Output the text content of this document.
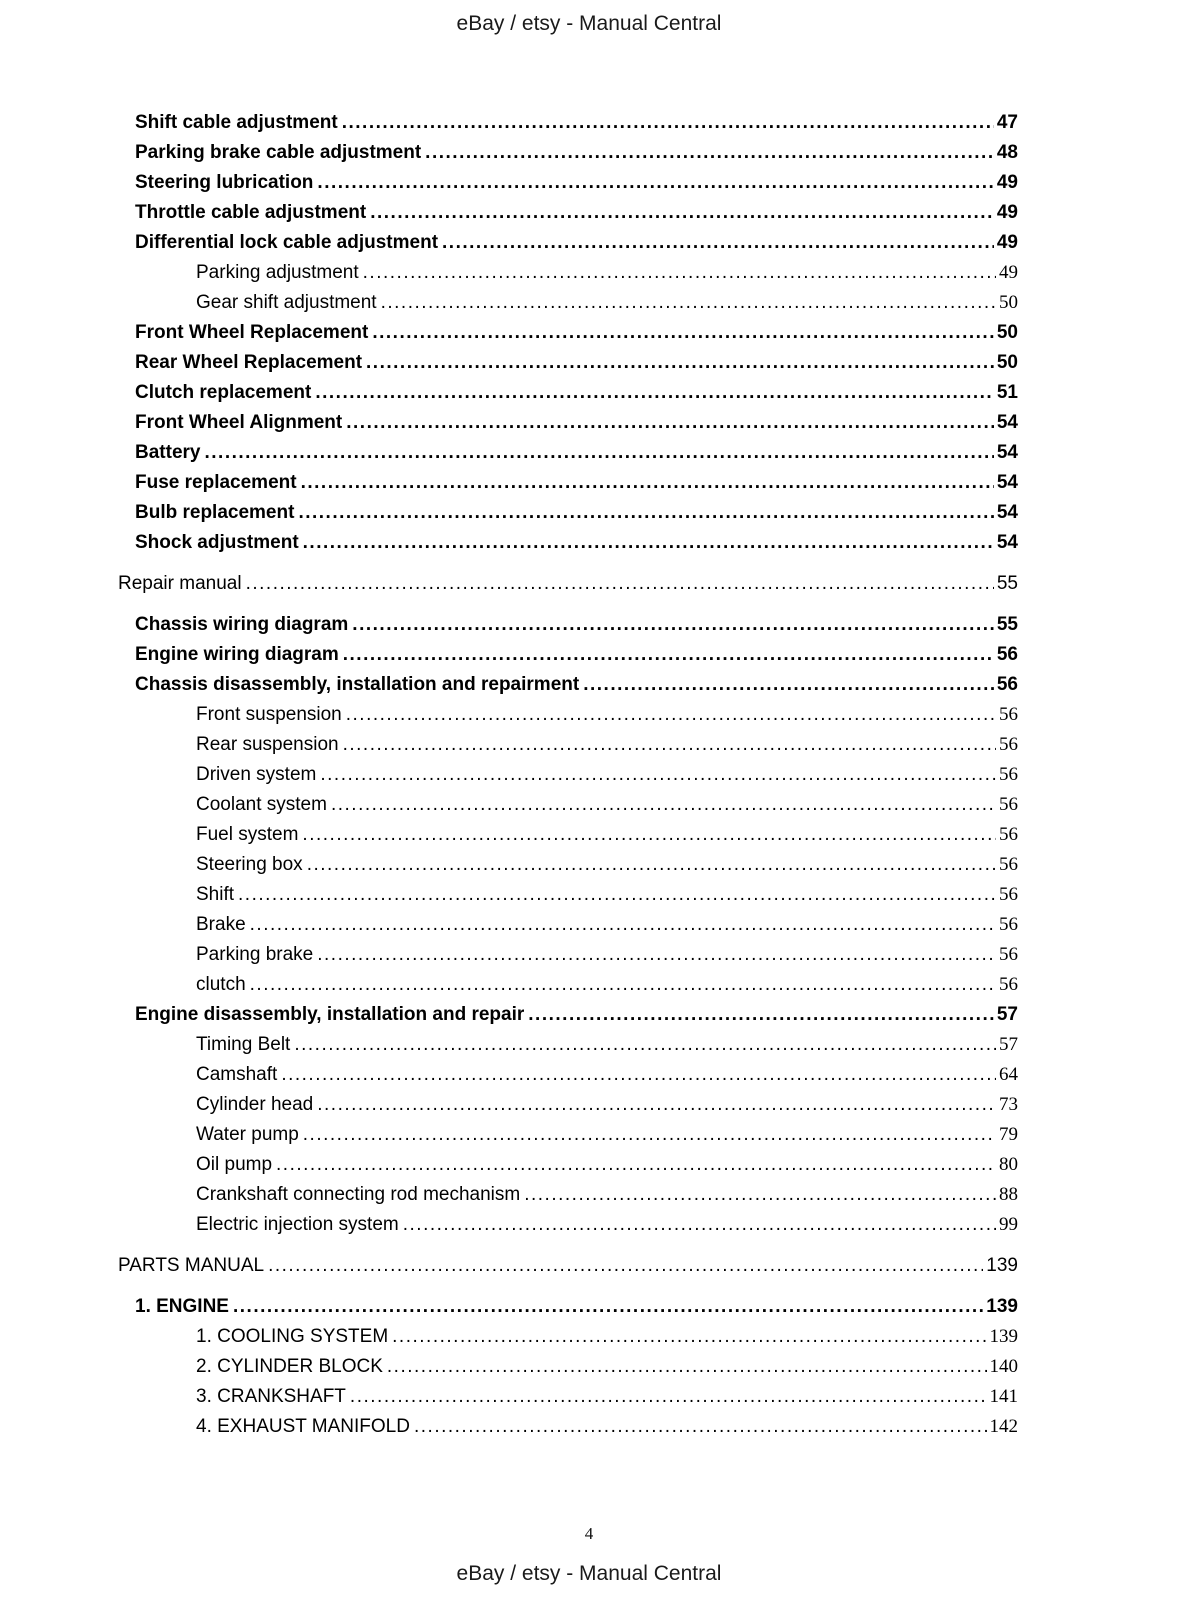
eBay / etsy - Manual Central
Shift cable adjustment .....	47
Parking brake cable adjustment .....	48
Steering lubrication .....	49
Throttle cable adjustment .....	49
Differential lock cable adjustment .....	49
Parking adjustment .....	49
Gear shift adjustment .....	50
Front Wheel Replacement .....	50
Rear Wheel Replacement .....	50
Clutch replacement .....	51
Front Wheel Alignment .....	54
Battery .....	54
Fuse replacement .....	54
Bulb replacement .....	54
Shock adjustment .....	54
Repair manual .....	55
Chassis wiring diagram .....	55
Engine wiring diagram .....	56
Chassis disassembly, installation and repairment .....	56
Front suspension .....	56
Rear suspension .....	56
Driven system .....	56
Coolant system .....	56
Fuel system .....	56
Steering box .....	56
Shift .....	56
Brake .....	56
Parking brake .....	56
clutch .....	56
Engine disassembly, installation and repair .....	57
Timing Belt .....	57
Camshaft .....	64
Cylinder head .....	73
Water pump .....	79
Oil pump .....	80
Crankshaft connecting rod mechanism .....	88
Electric injection system .....	99
PARTS MANUAL .....	139
1. ENGINE .....	139
1. COOLING SYSTEM .....	139
2. CYLINDER BLOCK .....	140
3. CRANKSHAFT .....	141
4. EXHAUST MANIFOLD .....	142
4
eBay / etsy - Manual Central
